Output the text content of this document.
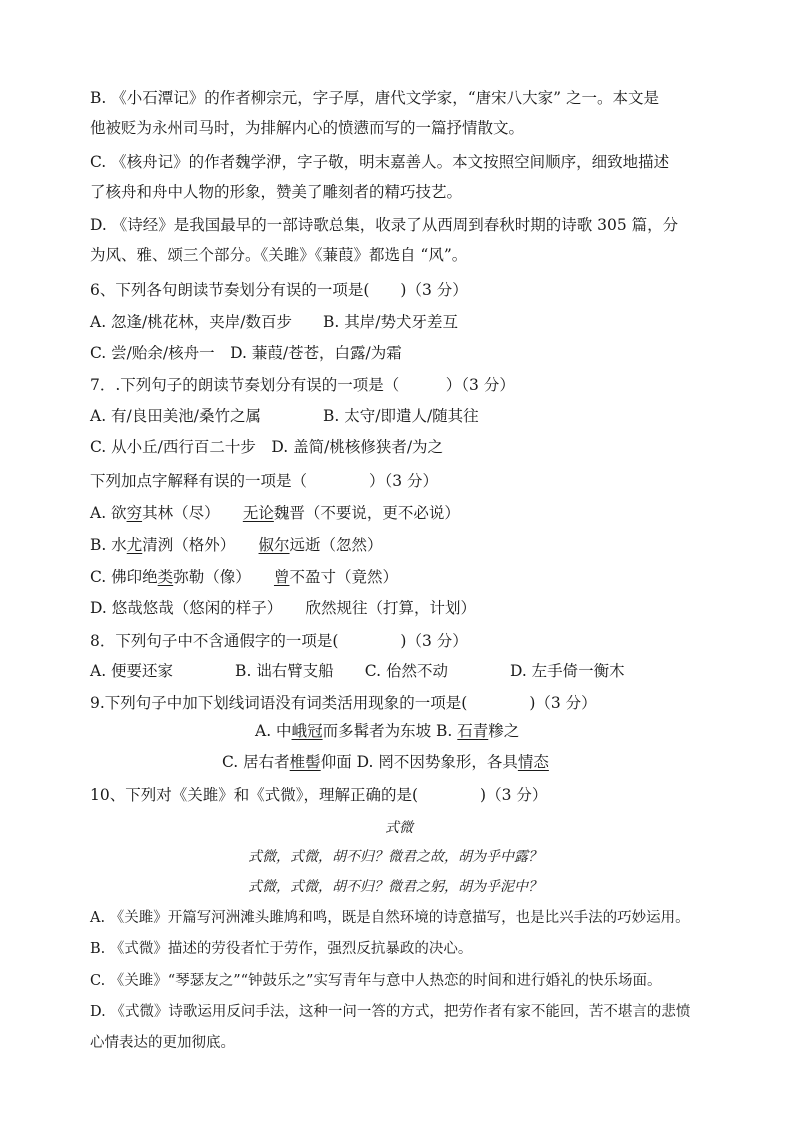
B. 《小石潭记》的作者柳宗元，字子厚，唐代文学家，“唐宋八大家” 之一。本文是
他被贬为永州司马时，为排解内心的愤懑而写的一篇抒情散文。
C. 《核舟记》的作者魏学洢，字子敬，明末嘉善人。本文按照空间顺序，细致地描述
了核舟和舟中人物的形象，赞美了雕刻者的精巧技艺。
D. 《诗经》是我国最早的一部诗歌总集，收录了从西周到春秋时期的诗歌 305 篇，分
为风、雅、颂三个部分。《关雎》《蒹葭》都选自 “风”。
6、下列各句朗读节奏划分有误的一项是(　　)（3 分）
A. 忽逢/桃花林，夹岸/数百步　　B. 其岸/势犬牙差互
C. 尝/贻余/核舟一　D. 蒹葭/苍苍，白露/为霜
7．.下列句子的朗读节奏划分有误的一项是（　　　）（3 分）
A. 有/良田美池/桑竹之属　　　　B. 太守/即遣人/随其往
C. 从小丘/西行百二十步　D. 盖简/桃核修狭者/为之
下列加点字解释有误的一项是（　　　　）（3 分）
A. 欲穷其林（尽）　　无论魏晋（不要说，更不必说）
B. 水尤清洌（格外）　　俶尔远逝（忽然）
C. 佛印绝类弥勒（像）　　曾不盈寸（竟然）
D. 悠哉悠哉（悠闲的样子）　　欣然规往（打算，计划）
8．下列句子中不含通假字的一项是(　　　　)（3 分）
A. 便要还家　　　　B. 诎右臂支船　　C. 佁然不动　　　　D. 左手倚一衡木
9.下列句子中加下划线词语没有词类活用现象的一项是(　　　　)（3 分）
A. 中峨冠而多髯者为东坡 B. 石青糁之
C. 居右者椎髻仰面 D. 罔不因势象形，各具情态
10、下列对《关雎》和《式微》，理解正确的是(　　　　)（3 分）
式微
式微，式微，胡不归？微君之故，胡为乎中露？
式微，式微，胡不归？微君之躬，胡为乎泥中？
A. 《关雎》开篇写河洲滩头雎鸠和鸣，既是自然环境的诗意描写，也是比兴手法的巧妙运用。
B. 《式微》描述的劳役者忙于劳作，强烈反抗暴政的决心。
C. 《关雎》“琴瑟友之”“钟鼓乐之”实写青年与意中人热恋的时间和进行婚礼的快乐场面。
D. 《式微》诗歌运用反问手法，这种一问一答的方式，把劳作者有家不能回，苦不堪言的悲愤
心情表达的更加彻底。
